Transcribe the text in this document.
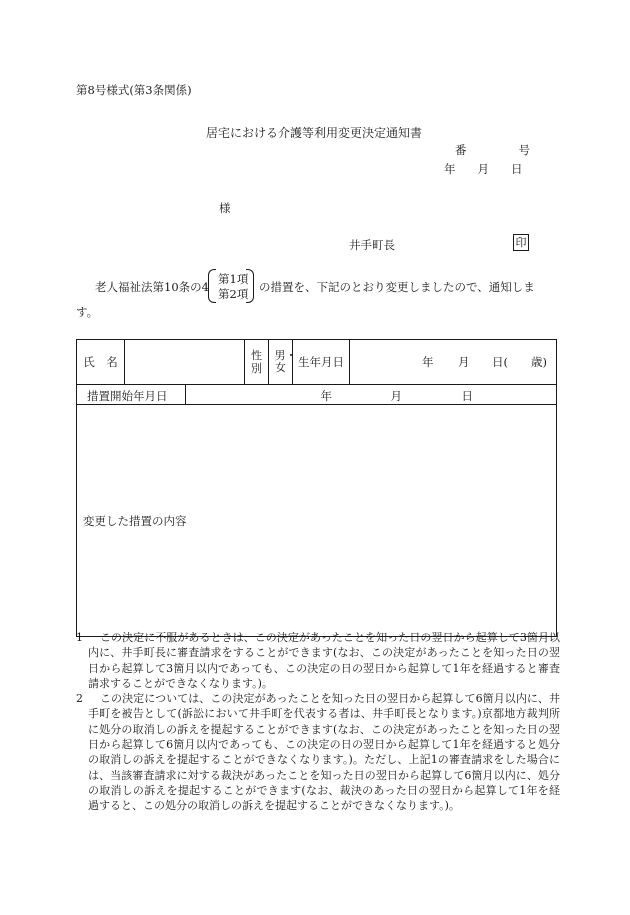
第8号様式(第3条関係)
居宅における介護等利用変更決定通知書
番	号
年 月 日
様
井手町長	印
老人福祉法第10条の4
第1項
第2項 の措置を、下記のとおり変更しましたので、通知しま
す。
氏　名		性別	男・女	生年月日	年 月 日( 歳)

措置開始年月日		年 月 日			

変更した措置の内容					
1	この決定に不服があるときは、この決定があったことを知った日の翌日から起算して3箇月以内に、井手町長に審査請求をすることができます(なお、この決定があったことを知った日の翌日から起算して3箇月以内であっても、この決定の日の翌日から起算して1年を経過すると審査請求することができなくなります。)。
2	この決定については、この決定があったことを知った日の翌日から起算して6箇月以内に、井手町を被告として(訴訟において井手町を代表する者は、井手町長となります。)京都地方裁判所に処分の取消しの訴えを提起することができます(なお、この決定があったことを知った日の翌日から起算して6箇月以内であっても、この決定の日の翌日から起算して1年を経過すると処分の取消しの訴えを提起することができなくなります。)。ただし、上記1の審査請求をした場合には、当該審査請求に対する裁決があったことを知った日の翌日から起算して6箇月以内に、処分の取消しの訴えを提起することができます(なお、裁決のあった日の翌日から起算して1年を経過すると、この処分の取消しの訴えを提起することができなくなります。)。
